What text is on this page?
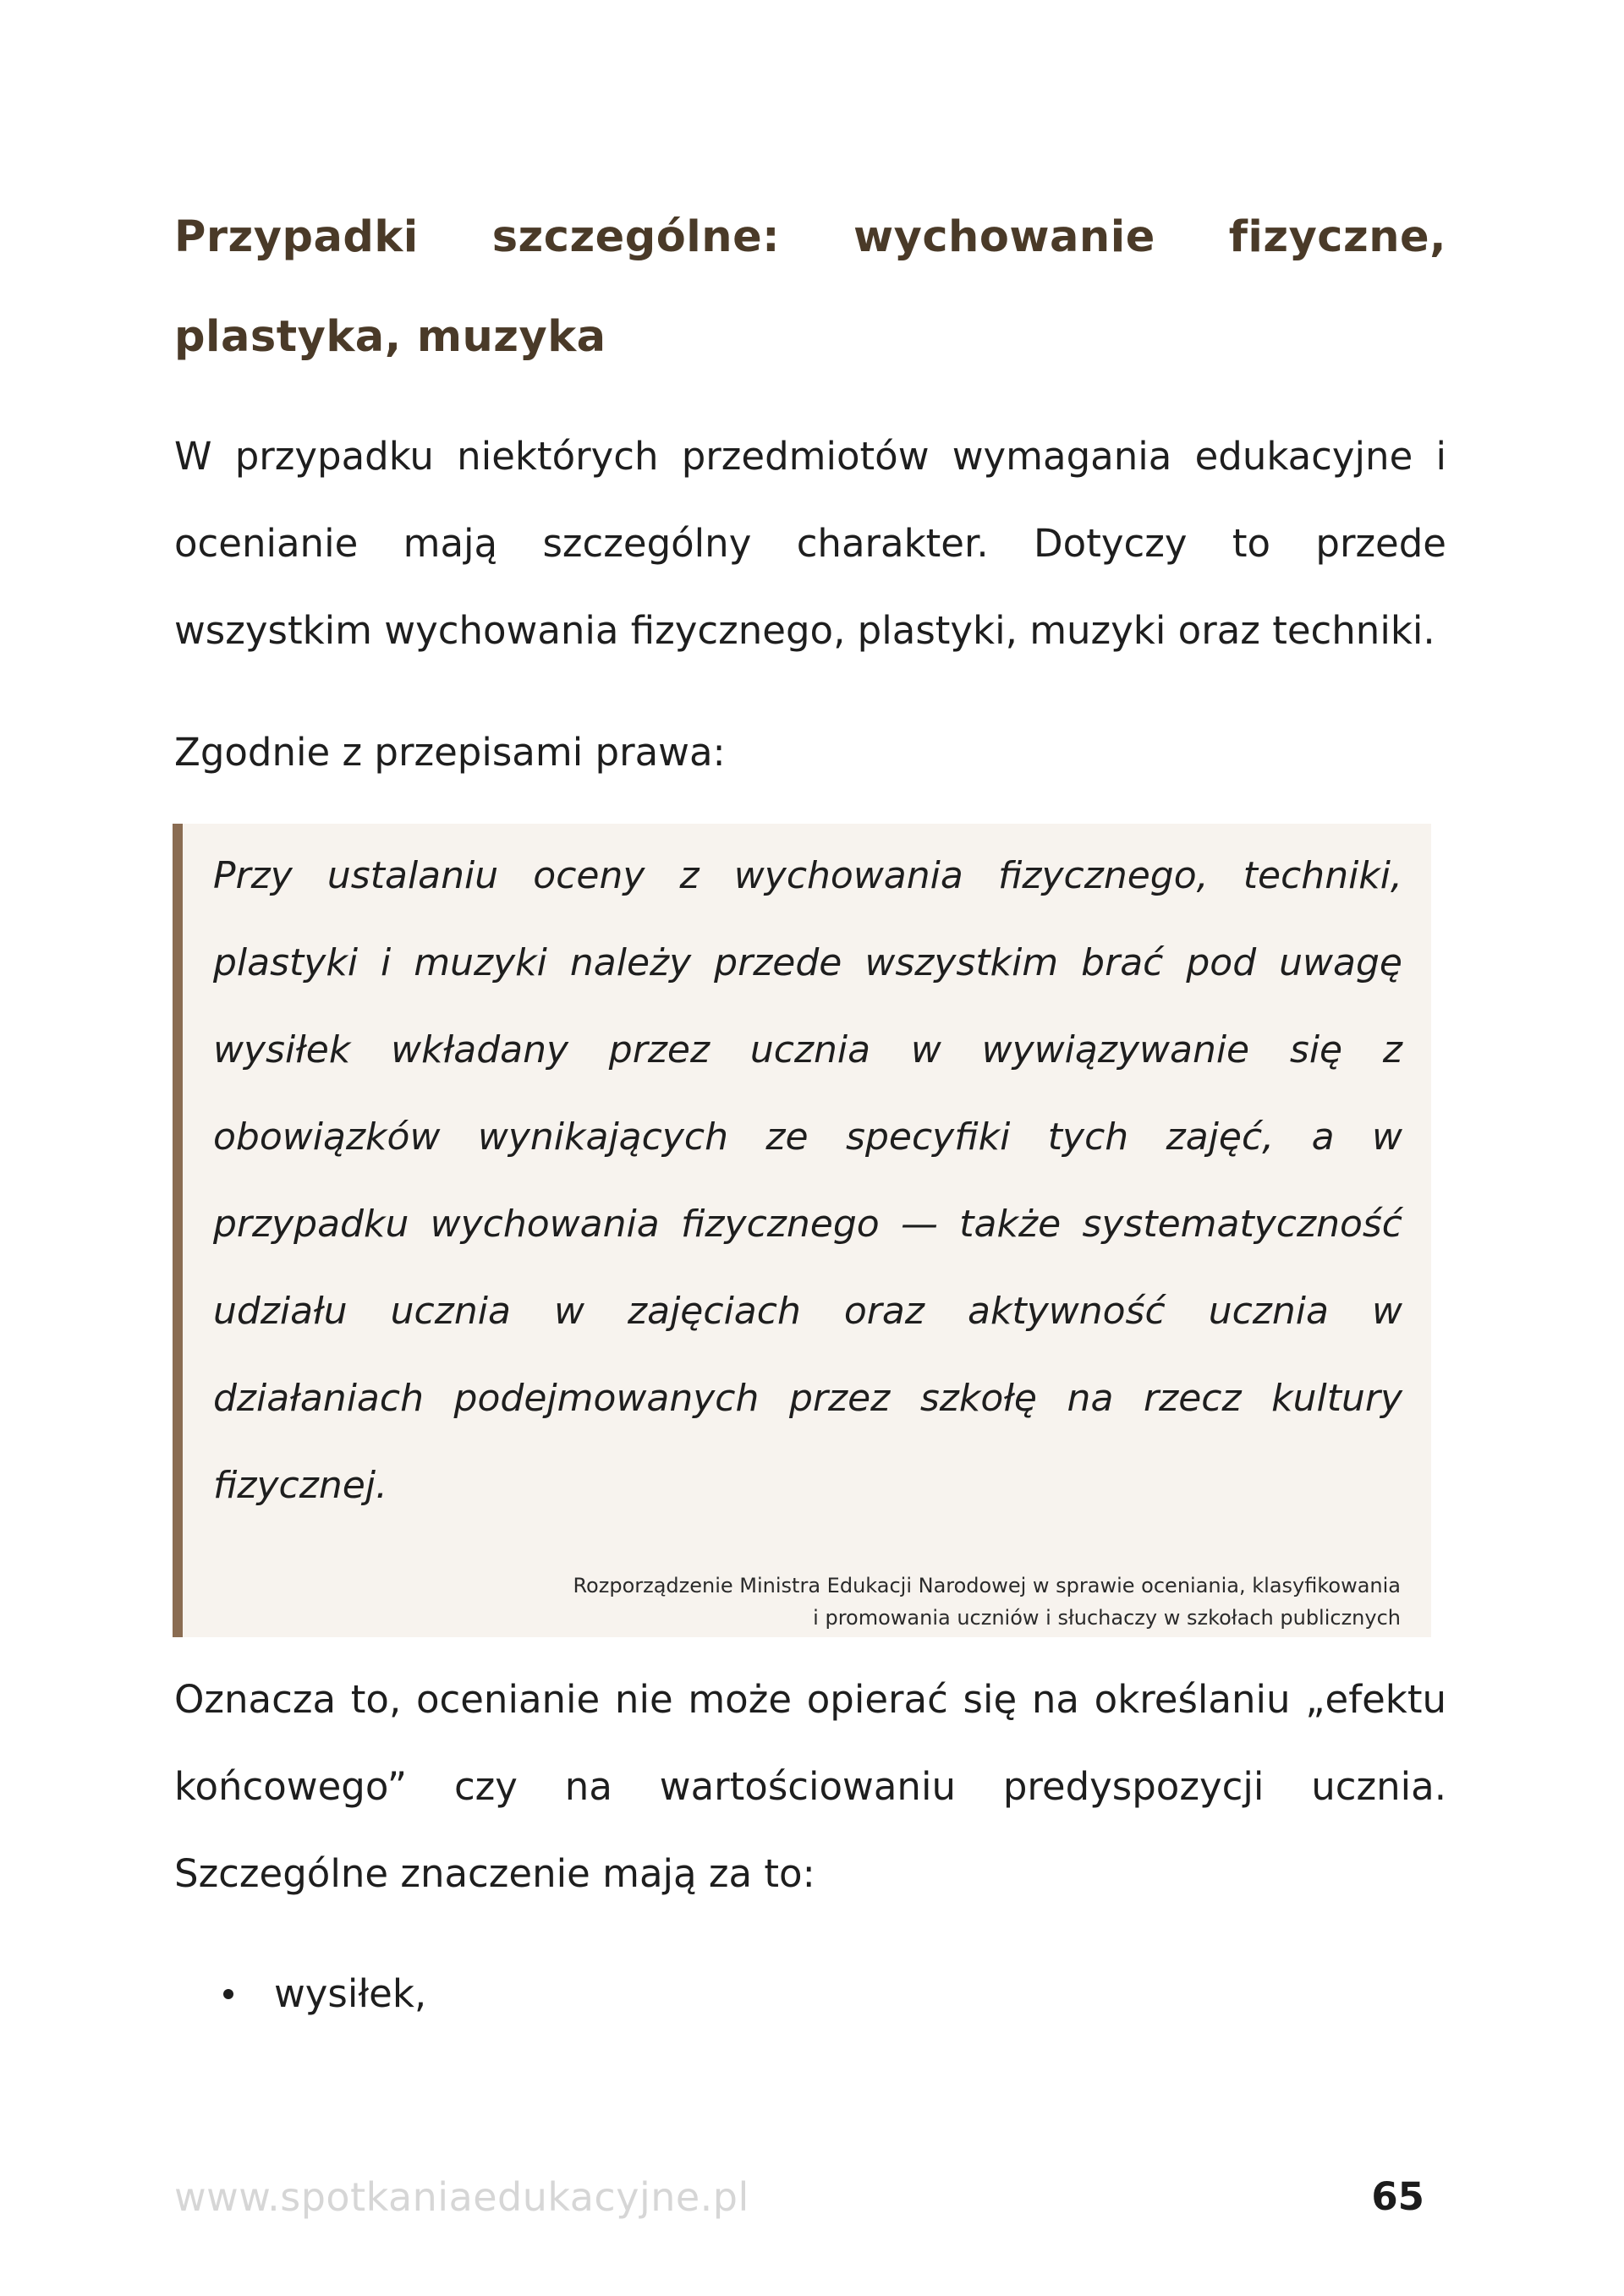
Przypadki szczególne: wychowanie fizyczne, plastyka, muzyka

W przypadku niektórych przedmiotów wymagania edukacyjne i ocenianie mają szczególny charakter. Dotyczy to przede wszystkim wychowania fizycznego, plastyki, muzyki oraz techniki.

Zgodnie z przepisami prawa:

Przy ustalaniu oceny z wychowania fizycznego, techniki, plastyki i muzyki należy przede wszystkim brać pod uwagę wysiłek wkładany przez ucznia w wywiązywanie się z obowiązków wynikających ze specyfiki tych zajęć, a w przypadku wychowania fizycznego — także systematyczność udziału ucznia w zajęciach oraz aktywność ucznia w działaniach podejmowanych przez szkołę na rzecz kultury fizycznej.

Rozporządzenie Ministra Edukacji Narodowej w sprawie oceniania, klasyfikowania
i promowania uczniów i słuchaczy w szkołach publicznych

Oznacza to, ocenianie nie może opierać się na określaniu „efektu końcowego” czy na wartościowaniu predyspozycji ucznia. Szczególne znaczenie mają za to:

wysiłek,
www.spotkaniaedukacyjne.pl	65
